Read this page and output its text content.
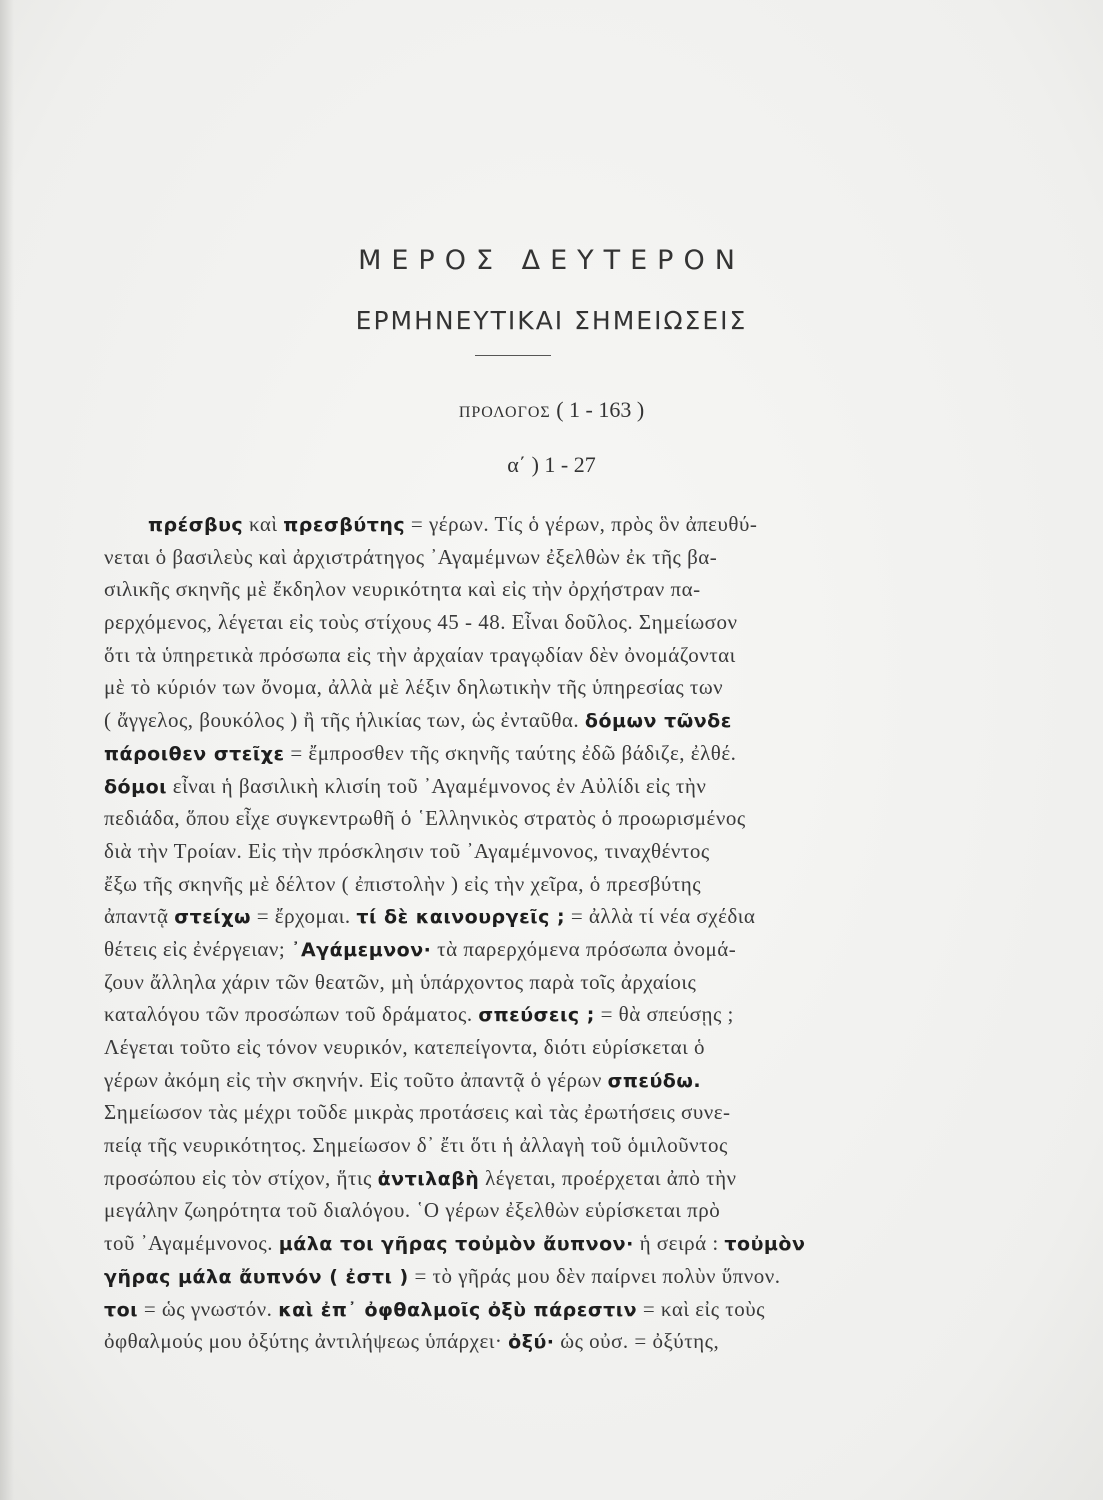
ΜΕΡΟΣ ΔΕΥΤΕΡΟΝ
ΕΡΜΗΝΕΥΤΙΚΑΙ ΣΗΜΕΙΩΣΕΙΣ
ΠΡΟΛΟΓΟΣ ( 1 - 163 )
α΄ ) 1 - 27
πρέσβυς καὶ πρεσβύτης = γέρων. Τίς ὁ γέρων, πρὸς ὃν ἀπευθύ-
νεται ὁ βασιλεὺς καὶ ἀρχιστράτηγος ᾽Αγαμέμνων ἐξελθὼν ἐκ τῆς βα-
σιλικῆς σκηνῆς μὲ ἔκδηλον νευρικότητα καὶ εἰς τὴν ὀρχήστραν πα-
ρερχόμενος, λέγεται εἰς τοὺς στίχους 45 - 48. Εἶναι δοῦλος. Σημείωσον
ὅτι τὰ ὑπηρετικὰ πρόσωπα εἰς τὴν ἀρχαίαν τραγῳδίαν δὲν ὀνομάζονται
μὲ τὸ κύριόν των ὄνομα, ἀλλὰ μὲ λέξιν δηλωτικὴν τῆς ὑπηρεσίας των
( ἄγγελος, βουκόλος ) ἢ τῆς ἡλικίας των, ὡς ἐνταῦθα. δόμων τῶνδε
πάροιθεν στεῖχε = ἔμπροσθεν τῆς σκηνῆς ταύτης ἐδῶ βάδιζε, ἐλθέ.
δόμοι εἶναι ἡ βασιλικὴ κλισίη τοῦ ᾽Αγαμέμνονος ἐν Αὐλίδι εἰς τὴν
πεδιάδα, ὅπου εἶχε συγκεντρωθῆ ὁ ῾Ελληνικὸς στρατὸς ὁ προωρισμένος
διὰ τὴν Τροίαν. Εἰς τὴν πρόσκλησιν τοῦ ᾽Αγαμέμνονος, τιναχθέντος
ἔξω τῆς σκηνῆς μὲ δέλτον ( ἐπιστολὴν ) εἰς τὴν χεῖρα, ὁ πρεσβύτης
ἀπαντᾷ στείχω = ἔρχομαι. τί δὲ καινουργεῖς ; = ἀλλὰ τί νέα σχέδια
θέτεις εἰς ἐνέργειαν; ᾽Αγάμεμνον· τὰ παρερχόμενα πρόσωπα ὀνομά-
ζουν ἄλληλα χάριν τῶν θεατῶν, μὴ ὑπάρχοντος παρὰ τοῖς ἀρχαίοις
καταλόγου τῶν προσώπων τοῦ δράματος. σπεύσεις ; = θὰ σπεύσῃς ;
Λέγεται τοῦτο εἰς τόνον νευρικόν, κατεπείγοντα, διότι εὑρίσκεται ὁ
γέρων ἀκόμη εἰς τὴν σκηνήν. Εἰς τοῦτο ἀπαντᾷ ὁ γέρων σπεύδω.
Σημείωσον τὰς μέχρι τοῦδε μικρὰς προτάσεις καὶ τὰς ἐρωτήσεις συνε-
πείᾳ τῆς νευρικότητος. Σημείωσον δ᾽ ἔτι ὅτι ἡ ἀλλαγὴ τοῦ ὁμιλοῦντος
προσώπου εἰς τὸν στίχον, ἥτις ἀντιλαβὴ λέγεται, προέρχεται ἀπὸ τὴν
μεγάλην ζωηρότητα τοῦ διαλόγου. ῾Ο γέρων ἐξελθὼν εὑρίσκεται πρὸ
τοῦ ᾽Αγαμέμνονος. μάλα τοι γῆρας τοὐμὸν ἄυπνον· ἡ σειρά : τοὐμὸν
γῆρας μάλα ἄυπνόν ( ἐστι ) = τὸ γῆράς μου δὲν παίρνει πολὺν ὕπνον.
τοι = ὡς γνωστόν. καὶ ἐπ᾽ ὀφθαλμοῖς ὀξὺ πάρεστιν = καὶ εἰς τοὺς
ὀφθαλμούς μου ὀξύτης ἀντιλήψεως ὑπάρχει· ὀξύ· ὡς οὐσ. = ὀξύτης,
